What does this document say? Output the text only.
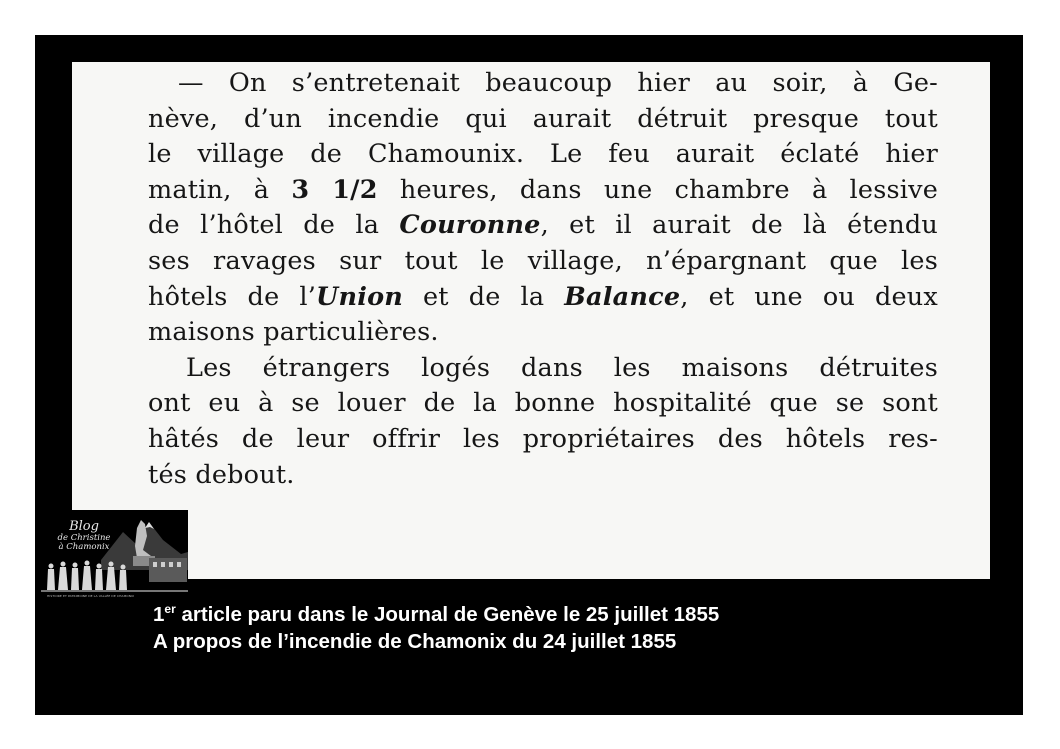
— On s’entretenait beaucoup hier au soir, à Ge-
nève, d’un incendie qui aurait détruit presque tout
le village de Chamounix. Le feu aurait éclaté hier
matin, à 3 1/2 heures, dans une chambre à lessive
de l’hôtel de la Couronne, et il aurait de là étendu
ses ravages sur tout le village, n’épargnant que les
hôtels de l’Union et de la Balance, et une ou deux
maisons particulières.
Les étrangers logés dans les maisons détruites
ont eu à se louer de la bonne hospitalité que se sont
hâtés de leur offrir les propriétaires des hôtels res-
tés debout.
Blog
de Christine
à Chamonix
HISTOIRE ET PATRIMOINE DE LA VALLÉE DE CHAMONIX
1er article paru dans le Journal de Genève le 25 juillet 1855
A propos de l’incendie de Chamonix du 24 juillet 1855
